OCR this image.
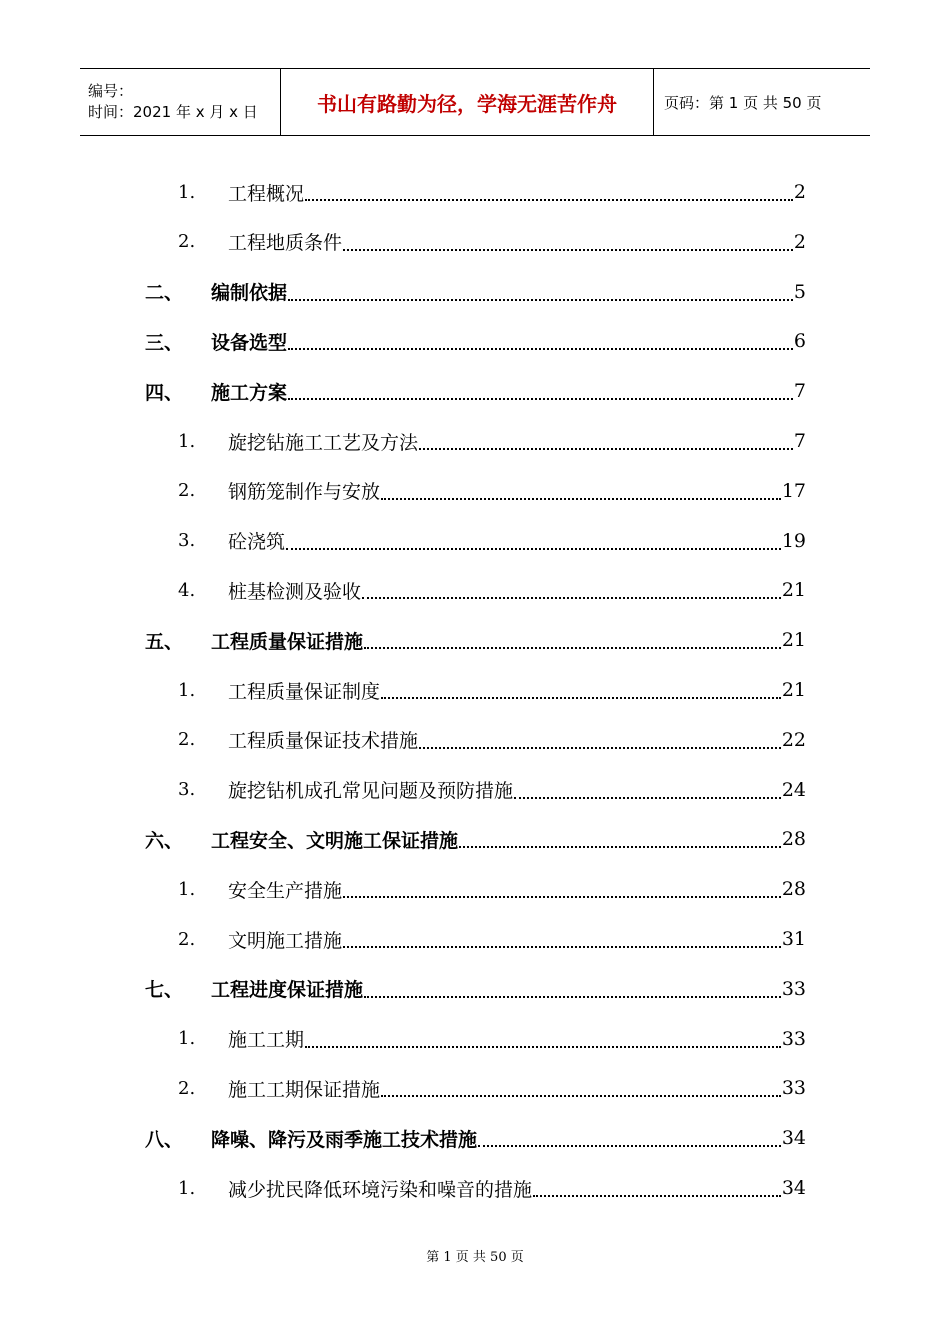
编号：
时间：2021 年 x 月 x 日	书山有路勤为径，学海无涯苦作舟	页码：第 1 页 共 50 页
1.	工程概况	2
2.	工程地质条件	2
二、	编制依据	5
三、	设备选型	6
四、	施工方案	7
1.	旋挖钻施工工艺及方法	7
2.	钢筋笼制作与安放	17
3.	砼浇筑	19
4.	桩基检测及验收	21
五、	工程质量保证措施	21
1.	工程质量保证制度	21
2.	工程质量保证技术措施	22
3.	旋挖钻机成孔常见问题及预防措施	24
六、	工程安全、文明施工保证措施	28
1.	安全生产措施	28
2.	文明施工措施	31
七、	工程进度保证措施	33
1.	施工工期	33
2.	施工工期保证措施	33
八、	降噪、降污及雨季施工技术措施	34
1.	减少扰民降低环境污染和噪音的措施	34
第 1 页 共 50 页
